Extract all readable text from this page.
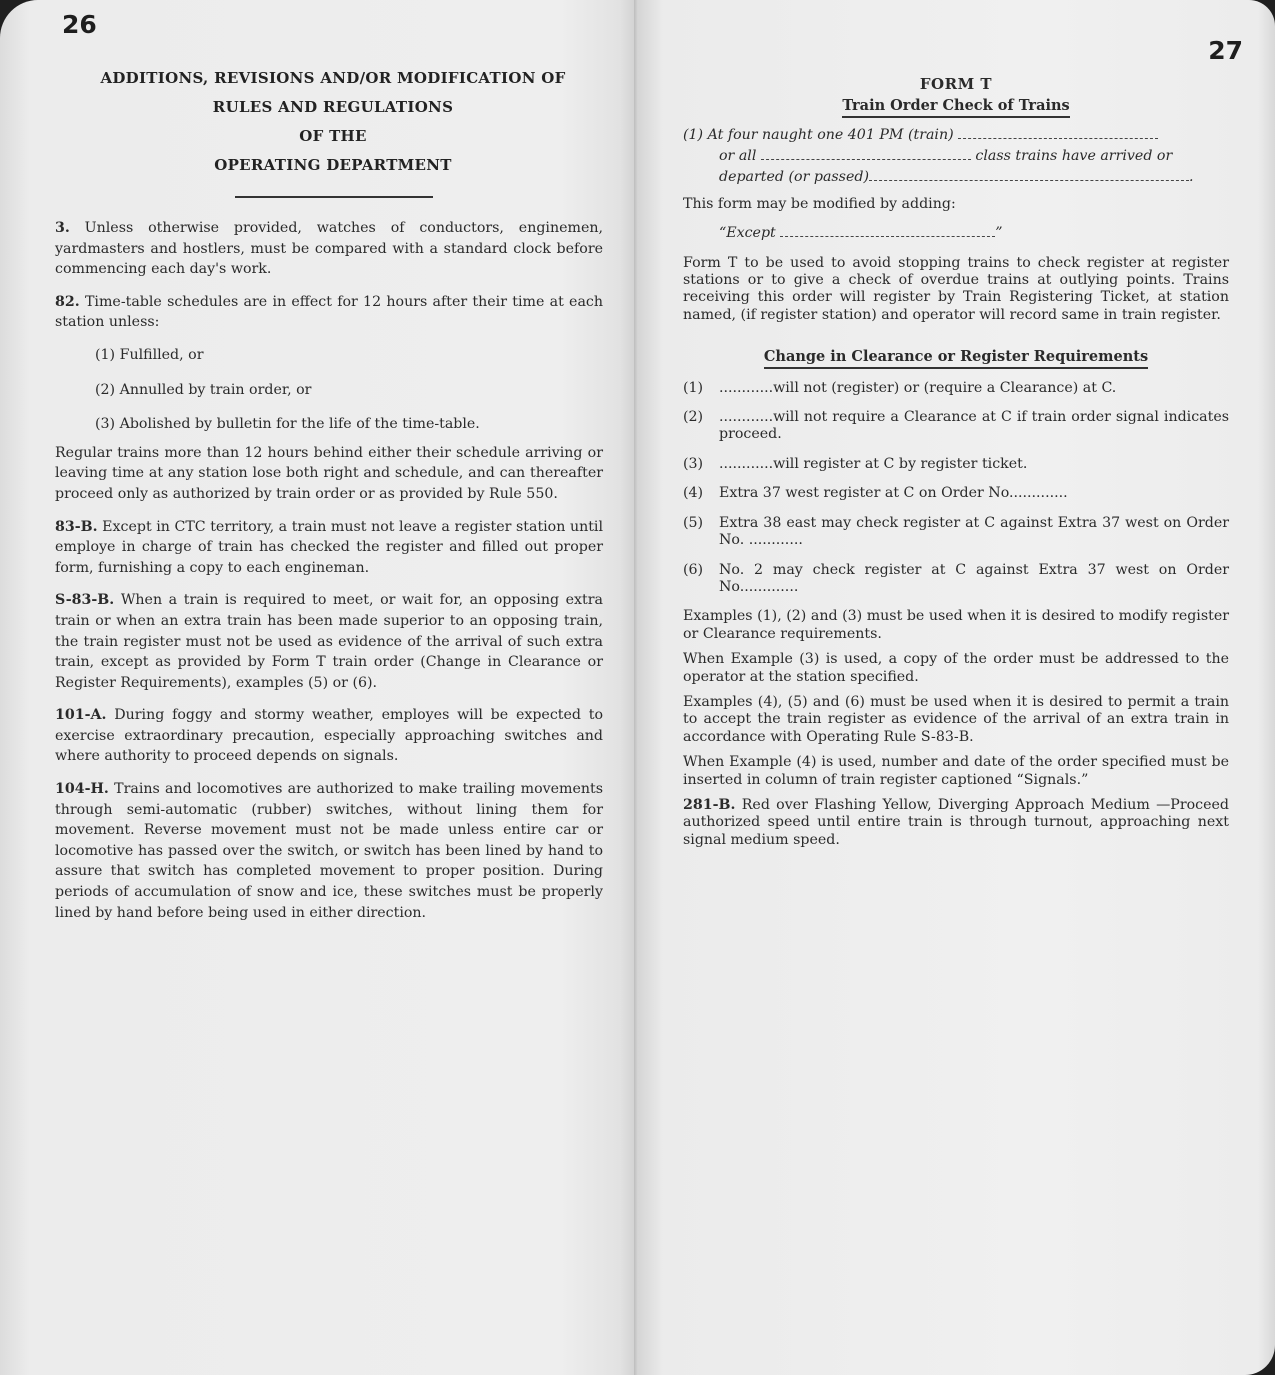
26
ADDITIONS, REVISIONS AND/OR MODIFICATION OF
RULES AND REGULATIONS
OF THE
OPERATING DEPARTMENT

3. Unless otherwise provided, watches of conductors, enginemen, yardmasters and hostlers, must be compared with a standard clock before commencing each day's work.

82. Time-table schedules are in effect for 12 hours after their time at each station unless:

(1) Fulfilled, or

(2) Annulled by train order, or

(3) Abolished by bulletin for the life of the time-table.

Regular trains more than 12 hours behind either their schedule arriving or leaving time at any station lose both right and schedule, and can thereafter proceed only as authorized by train order or as provided by Rule 550.

83-B. Except in CTC territory, a train must not leave a register station until employe in charge of train has checked the register and filled out proper form, furnishing a copy to each engineman.

S-83-B. When a train is required to meet, or wait for, an opposing extra train or when an extra train has been made superior to an opposing train, the train register must not be used as evidence of the arrival of such extra train, except as provided by Form T train order (Change in Clearance or Register Requirements), examples (5) or (6).

101-A. During foggy and stormy weather, employes will be expected to exercise extraordinary precaution, especially approaching switches and where authority to proceed depends on signals.

104-H. Trains and locomotives are authorized to make trailing movements through semi-automatic (rubber) switches, without lining them for movement. Reverse movement must not be made unless entire car or locomotive has passed over the switch, or switch has been lined by hand to assure that switch has completed movement to proper position. During periods of accumulation of snow and ice, these switches must be properly lined by hand before being used in either direction.

27
FORM T
Train Order Check of Trains
(1) At four naught one 401 PM (train)
or all	class trains have arrived or
departed (or passed)	.

This form may be modified by adding:

“Except	”

Form T to be used to avoid stopping trains to check register at register stations or to give a check of overdue trains at outlying points. Trains receiving this order will register by Train Registering Ticket, at station named, (if register station) and operator will record same in train register.

Change in Clearance or Register Requirements
(1)	............will not (register) or (require a Clearance) at C.
(2)	............will not require a Clearance at C if train order signal indicates proceed.
(3)	............will register at C by register ticket.
(4)	Extra 37 west register at C on Order No.............
(5)	Extra 38 east may check register at C against Extra 37 west on Order No. ............
(6)	No. 2 may check register at C against Extra 37 west on Order No.............

Examples (1), (2) and (3) must be used when it is desired to modify register or Clearance requirements.

When Example (3) is used, a copy of the order must be addressed to the operator at the station specified.

Examples (4), (5) and (6) must be used when it is desired to permit a train to accept the train register as evidence of the arrival of an extra train in accordance with Operating Rule S-83-B.

When Example (4) is used, number and date of the order specified must be inserted in column of train register captioned “Signals.”

281-B. Red over Flashing Yellow, Diverging Approach Medium —Proceed authorized speed until entire train is through turnout, approaching next signal medium speed.
